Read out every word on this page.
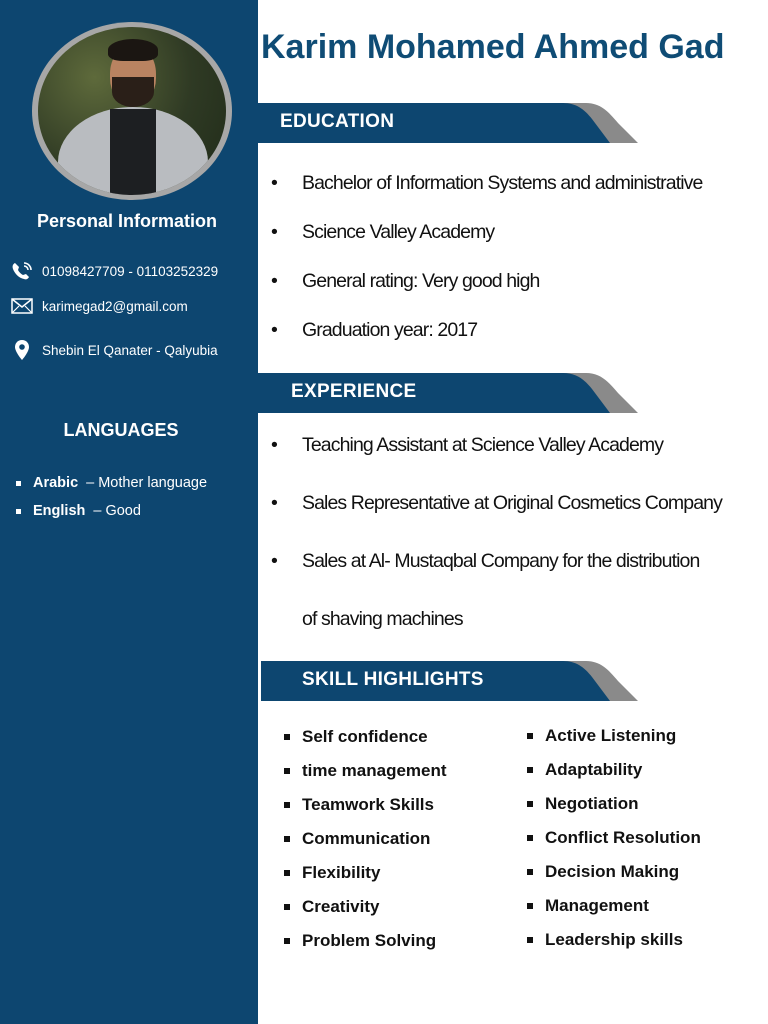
Personal Information
01098427709 - 01103252329
karimegad2@gmail.com
Shebin El Qanater - Qalyubia
LANGUAGES
Arabic – Mother language
English – Good
Karim Mohamed Ahmed Gad
EDUCATION
• Bachelor of Information Systems and administrative
• Science Valley Academy
• General rating: Very good high
• Graduation year: 2017
EXPERIENCE
• Teaching Assistant at Science Valley Academy
• Sales Representative at Original Cosmetics Company
• Sales at Al- Mustaqbal Company for the distribution
of shaving machines
SKILL HIGHLIGHTS
Self confidence
time management
Teamwork Skills
Communication
Flexibility
Creativity
Problem Solving
Active Listening
Adaptability
Negotiation
Conflict Resolution
Decision Making
Management
Leadership skills
